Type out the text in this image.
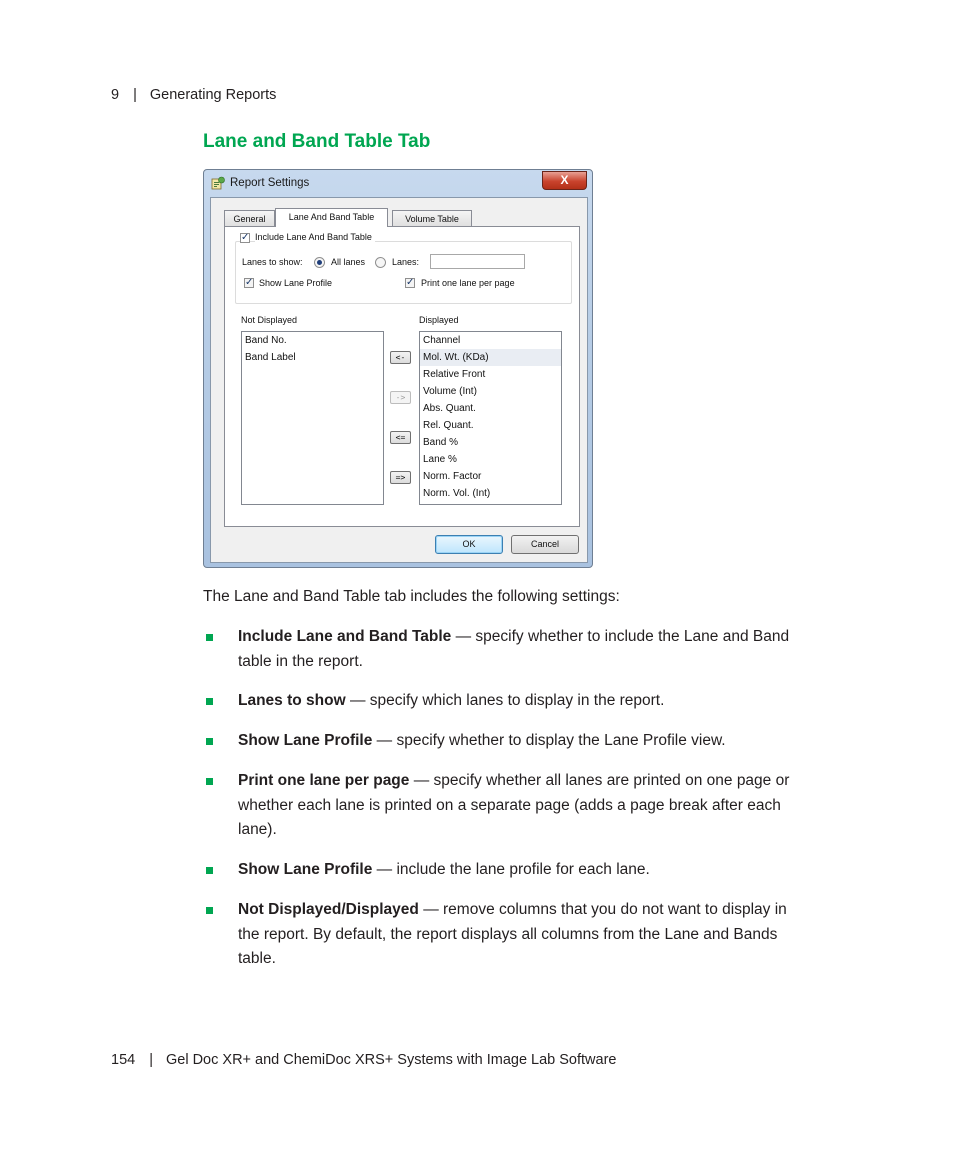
9 | Generating Reports
Lane and Band Table Tab
Report Settings	X
General	Lane And Band Table	Volume Table
✓ Include Lane And Band Table
Lanes to show:	All lanes	Lanes:
✓ Show Lane Profile	✓ Print one lane per page
Not Displayed	Displayed
Band No.
Band Label	<-
->
<=
=>
Channel
Mol. Wt. (KDa)
Relative Front
Volume (Int)
Abs. Quant.
Rel. Quant.
Band %
Lane %
Norm. Factor
Norm. Vol. (Int)
OK	Cancel

The Lane and Band Table tab includes the following settings:

Include Lane and Band Table — specify whether to include the Lane and Band table in the report.
Lanes to show — specify which lanes to display in the report.
Show Lane Profile — specify whether to display the Lane Profile view.
Print one lane per page — specify whether all lanes are printed on one page or whether each lane is printed on a separate page (adds a page break after each lane).
Show Lane Profile — include the lane profile for each lane.
Not Displayed/Displayed — remove columns that you do not want to display in the report. By default, the report displays all columns from the Lane and Bands table.
154 | Gel Doc XR+ and ChemiDoc XRS+ Systems with Image Lab Software
